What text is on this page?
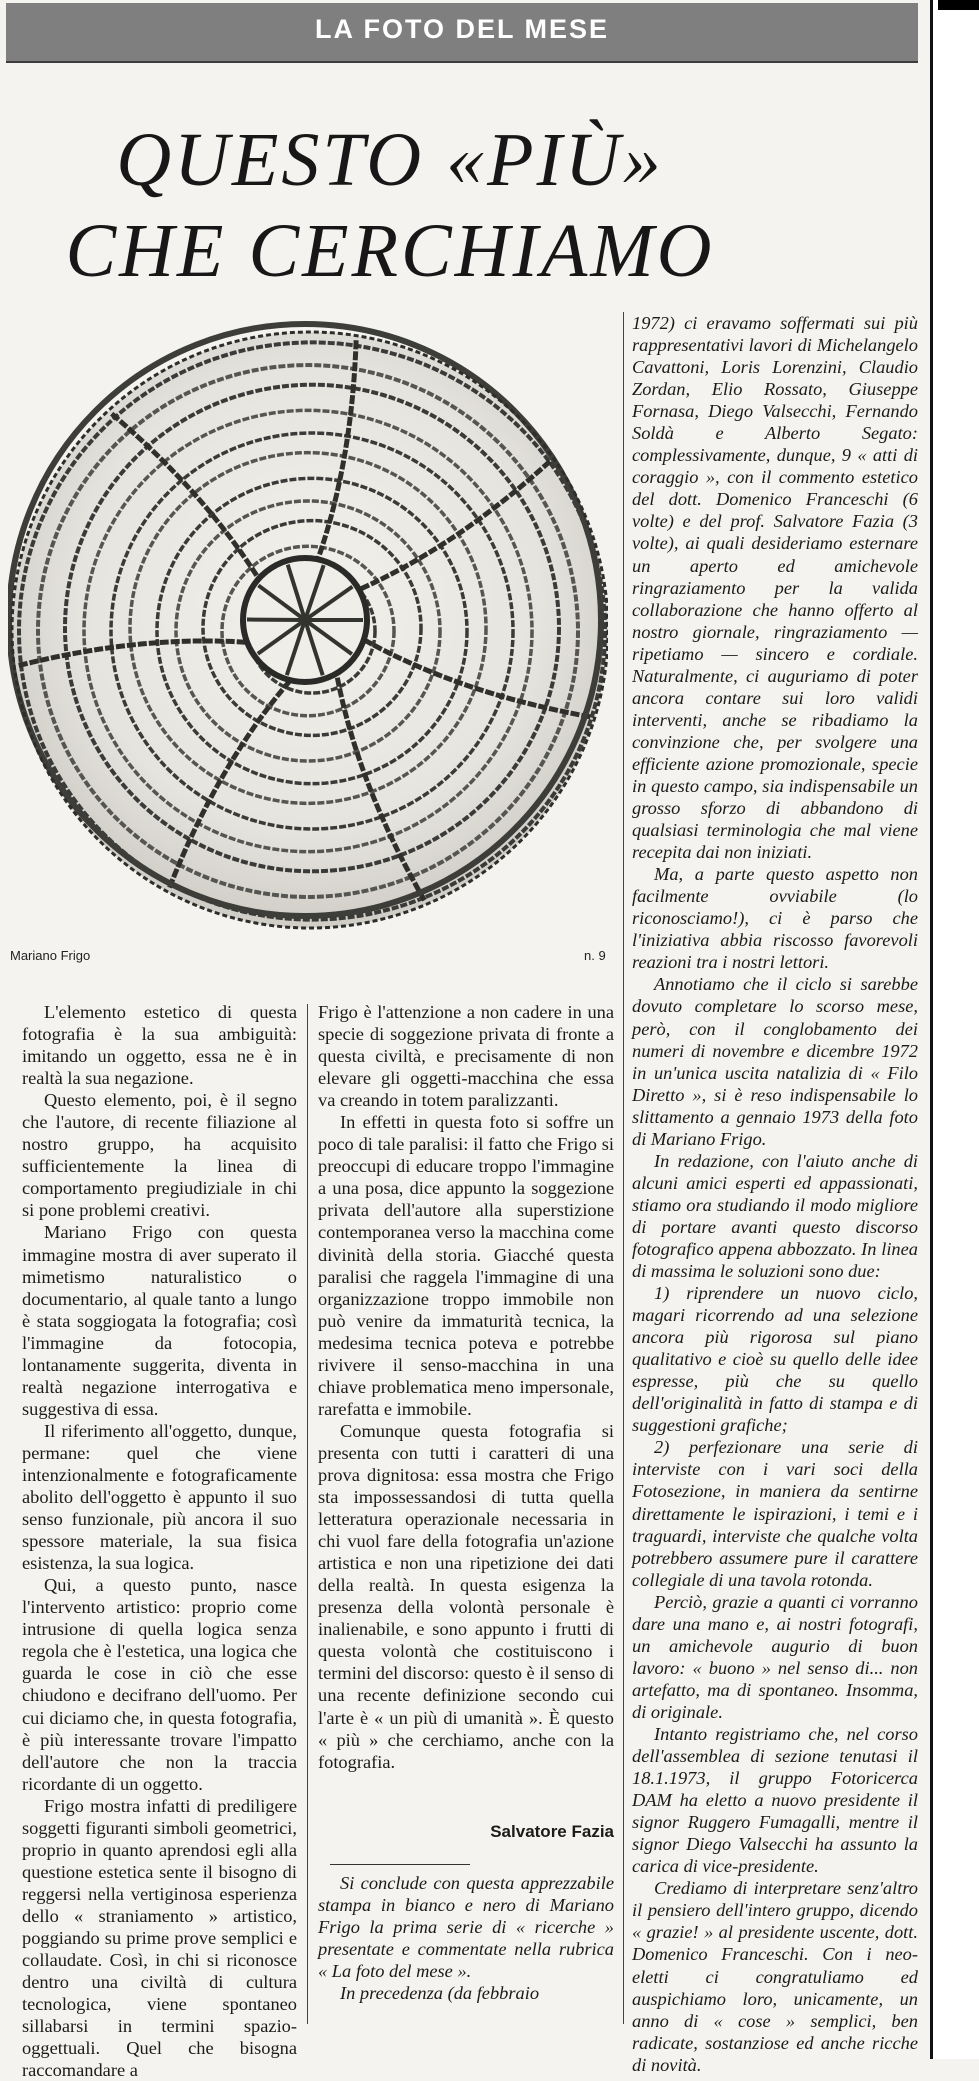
LA FOTO DEL MESE
QUESTO «PIÙ»
CHE CERCHIAMO
Mariano Frigo	n. 9

L'elemento estetico di questa fotografia è la sua ambiguità: imitando un oggetto, essa ne è in realtà la sua negazione.

Questo elemento, poi, è il segno che l'autore, di recente filiazione al nostro gruppo, ha acquisito sufficientemente la linea di comportamento pregiudiziale in chi si pone problemi creativi.

Mariano Frigo con questa immagine mostra di aver superato il mimetismo naturalistico o documentario, al quale tanto a lungo è stata soggiogata la fotografia; così l'immagine da fotocopia, lontanamente suggerita, diventa in realtà negazione interrogativa e suggestiva di essa.

Il riferimento all'oggetto, dunque, permane: quel che viene intenzionalmente e fotograficamente abolito dell'oggetto è appunto il suo senso funzionale, più ancora il suo spessore materiale, la sua fisica esistenza, la sua logica.

Qui, a questo punto, nasce l'intervento artistico: proprio come intrusione di quella logica senza regola che è l'estetica, una logica che guarda le cose in ciò che esse chiudono e decifrano dell'uomo. Per cui diciamo che, in questa fotografia, è più interessante trovare l'impatto dell'autore che non la traccia ricordante di un oggetto.

Frigo mostra infatti di prediligere soggetti figuranti simboli geometrici, proprio in quanto aprendosi egli alla questione estetica sente il bisogno di reggersi nella vertiginosa esperienza dello « straniamento » artistico, poggiando su prime prove semplici e collaudate. Così, in chi si riconosce dentro una civiltà di cultura tecnologica, viene spontaneo sillabarsi in termini spazio-oggettuali. Quel che bisogna raccomandare a

Frigo è l'attenzione a non cadere in una specie di soggezione privata di fronte a questa civiltà, e precisamente di non elevare gli oggetti-macchina che essa va creando in totem paralizzanti.

In effetti in questa foto si soffre un poco di tale paralisi: il fatto che Frigo si preoccupi di educare troppo l'immagine a una posa, dice appunto la soggezione privata dell'autore alla superstizione contemporanea verso la macchina come divinità della storia. Giacché questa paralisi che raggela l'immagine di una organizzazione troppo immobile non può venire da immaturità tecnica, la medesima tecnica poteva e potrebbe rivivere il senso-macchina in una chiave problematica meno impersonale, rarefatta e immobile.

Comunque questa fotografia si presenta con tutti i caratteri di una prova dignitosa: essa mostra che Frigo sta impossessandosi di tutta quella letteratura operazionale necessaria in chi vuol fare della fotografia un'azione artistica e non una ripetizione dei dati della realtà. In questa esigenza la presenza della volontà personale è inalienabile, e sono appunto i frutti di questa volontà che costituiscono i termini del discorso: questo è il senso di una recente definizione secondo cui l'arte è « un più di umanità ». È questo « più » che cerchiamo, anche con la fotografia.

Salvatore Fazia

Si conclude con questa apprezzabile stampa in bianco e nero di Mariano Frigo la prima serie di « ricerche » presentate e commentate nella rubrica « La foto del mese ».

In precedenza (da febbraio

1972) ci eravamo soffermati sui più rappresentativi lavori di Michelangelo Cavattoni, Loris Lorenzini, Claudio Zordan, Elio Rossato, Giuseppe Fornasa, Diego Valsecchi, Fernando Soldà e Alberto Segato: complessivamente, dunque, 9 « atti di coraggio », con il commento estetico del dott. Domenico Franceschi (6 volte) e del prof. Salvatore Fazia (3 volte), ai quali desideriamo esternare un aperto ed amichevole ringraziamento per la valida collaborazione che hanno offerto al nostro giornale, ringraziamento — ripetiamo — sincero e cordiale. Naturalmente, ci auguriamo di poter ancora contare sui loro validi interventi, anche se ribadiamo la convinzione che, per svolgere una efficiente azione promozionale, specie in questo campo, sia indispensabile un grosso sforzo di abbandono di qualsiasi terminologia che mal viene recepita dai non iniziati.

Ma, a parte questo aspetto non facilmente ovviabile (lo riconosciamo!), ci è parso che l'iniziativa abbia riscosso favorevoli reazioni tra i nostri lettori.

Annotiamo che il ciclo si sarebbe dovuto completare lo scorso mese, però, con il conglobamento dei numeri di novembre e dicembre 1972 in un'unica uscita natalizia di « Filo Diretto », si è reso indispensabile lo slittamento a gennaio 1973 della foto di Mariano Frigo.

In redazione, con l'aiuto anche di alcuni amici esperti ed appassionati, stiamo ora studiando il modo migliore di portare avanti questo discorso fotografico appena abbozzato. In linea di massima le soluzioni sono due:

1) riprendere un nuovo ciclo, magari ricorrendo ad una selezione ancora più rigorosa sul piano qualitativo e cioè su quello delle idee espresse, più che su quello dell'originalità in fatto di stampa e di suggestioni grafiche;

2) perfezionare una serie di interviste con i vari soci della Fotosezione, in maniera da sentirne direttamente le ispirazioni, i temi e i traguardi, interviste che qualche volta potrebbero assumere pure il carattere collegiale di una tavola rotonda.

Perciò, grazie a quanti ci vorranno dare una mano e, ai nostri fotografi, un amichevole augurio di buon lavoro: « buono » nel senso di... non artefatto, ma di spontaneo. Insomma, di originale.

Intanto registriamo che, nel corso dell'assemblea di sezione tenutasi il 18.1.1973, il gruppo Fotoricerca DAM ha eletto a nuovo presidente il signor Ruggero Fumagalli, mentre il signor Diego Valsecchi ha assunto la carica di vice-presidente.

Crediamo di interpretare senz'altro il pensiero dell'intero gruppo, dicendo « grazie! » al presidente uscente, dott. Domenico Franceschi. Con i neo-eletti ci congratuliamo ed auspichiamo loro, unicamente, un anno di « cose » semplici, ben radicate, sostanziose ed anche ricche di novità.
